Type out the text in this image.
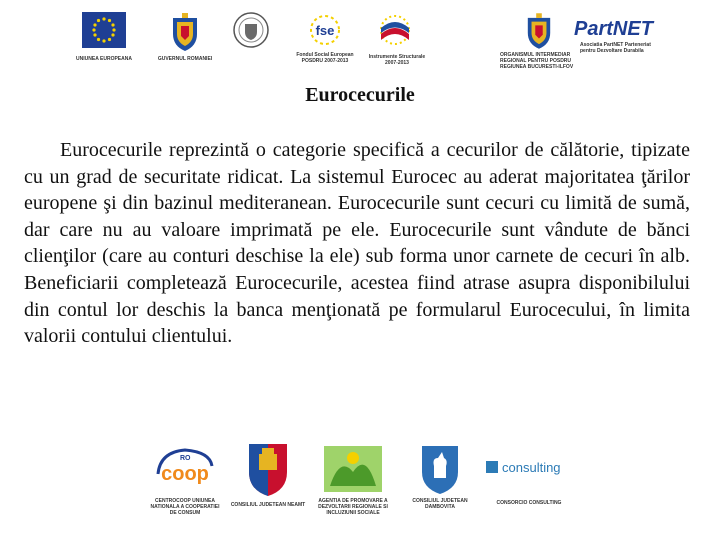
UNIUNEA EUROPEANA	GUVERNUL ROMANIEI
fse
Fondul Social European POSDRU 2007-2013
Instrumente Structurale 2007-2013
ORGANISMUL INTERMEDIAR REGIONAL PENTRU POSDRU REGIUNEA BUCURESTI-ILFOV
PartNET
Asociatia PartNET Parteneriat pentru Dezvoltare Durabila
Eurocecurile
Eurocecurile reprezintă o categorie specifică a cecurilor de călătorie, tipizate cu un grad de securitate ridicat. La sistemul Eurocec au aderat majoritatea ţărilor europene şi din bazinul mediteranean. Eurocecurile sunt cecuri cu limită de sumă, dar care nu au valoare imprimată pe ele. Eurocecurile sunt vândute de bănci clienţilor (care au conturi deschise la ele) sub forma unor carnete de cecuri în alb. Beneficiarii completează Eurocecurile, acestea fiind atrase asupra disponibilului din contul lor deschis la banca menţionată pe formularul Eurocecului, în limita valorii contului clientului.
coop
RO
CENTROCOOP UNIUNEA NATIONALA A COOPERATIEI DE CONSUM
CONSILIUL JUDETEAN NEAMT
AGENTIA DE PROMOVARE A DEZVOLTARII REGIONALE SI INCLUZIUNII SOCIALE
CONSILIUL JUDETEAN DAMBOVITA
consulting
CONSORCIO CONSULTING
